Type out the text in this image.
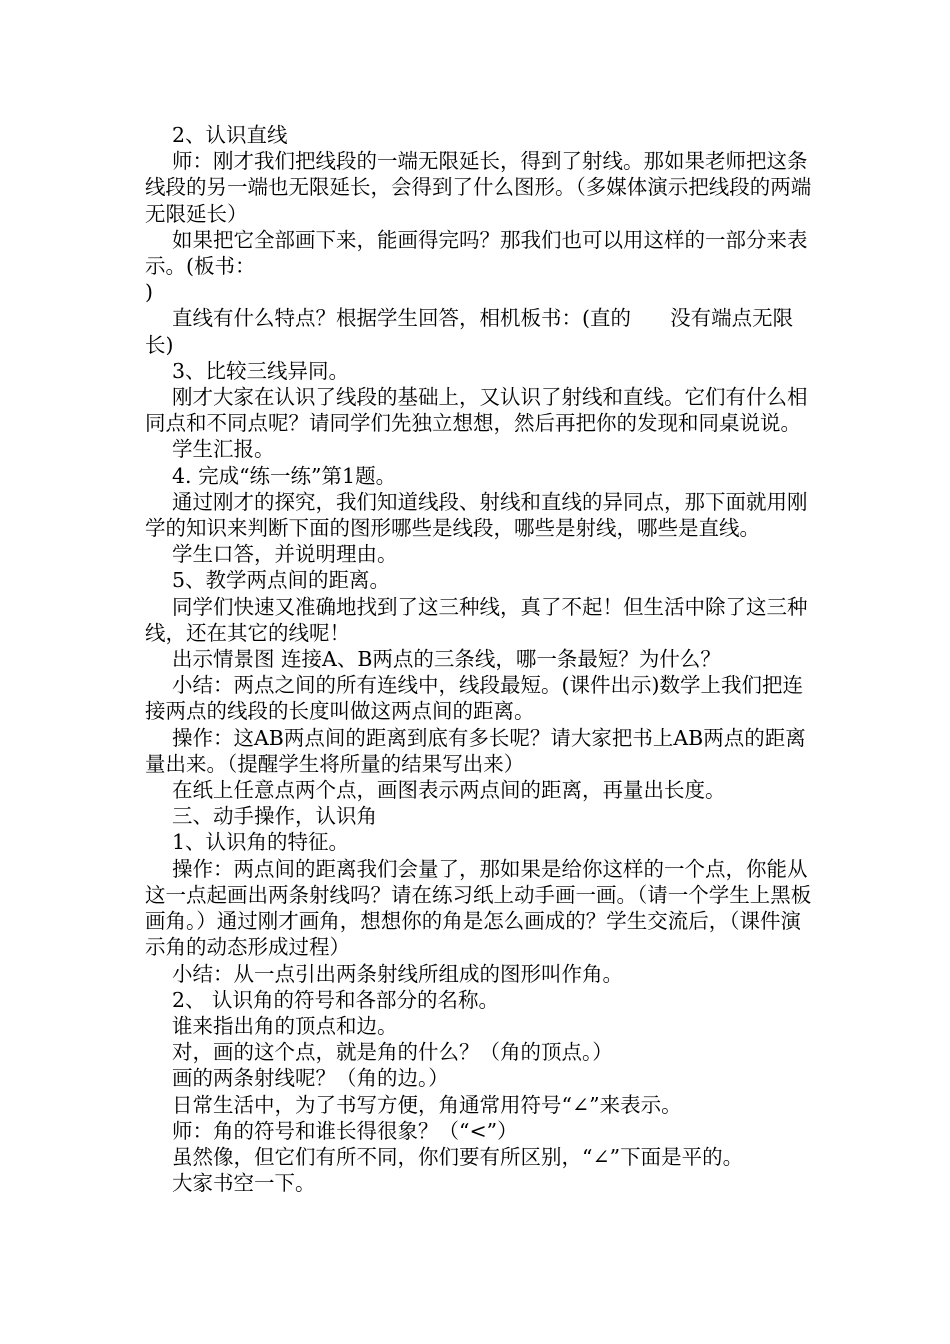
2、认识直线

师：刚才我们把线段的一端无限延长，得到了射线。那如果老师把这条线段的另一端也无限延长，会得到了什么图形。（多媒体演示把线段的两端无限延长）

如果把它全部画下来，能画得完吗？那我们也可以用这样的一部分来表示。(板书：

)

直线有什么特点？根据学生回答，相机板书：(直的      没有端点无限长)

3、比较三线异同。

刚才大家在认识了线段的基础上，又认识了射线和直线。它们有什么相同点和不同点呢？请同学们先独立想想，然后再把你的发现和同桌说说。

学生汇报。

4. 完成“练一练”第1题。

通过刚才的探究，我们知道线段、射线和直线的异同点，那下面就用刚学的知识来判断下面的图形哪些是线段，哪些是射线，哪些是直线。

学生口答，并说明理由。

5、教学两点间的距离。

同学们快速又准确地找到了这三种线，真了不起！但生活中除了这三种线，还在其它的线呢！

出示情景图 连接A、B两点的三条线，哪一条最短？为什么？

小结：两点之间的所有连线中，线段最短。(课件出示)数学上我们把连接两点的线段的长度叫做这两点间的距离。

操作：这AB两点间的距离到底有多长呢？请大家把书上AB两点的距离量出来。（提醒学生将所量的结果写出来）

在纸上任意点两个点，画图表示两点间的距离，再量出长度。

三、动手操作，认识角

1、认识角的特征。

操作：两点间的距离我们会量了，那如果是给你这样的一个点，你能从这一点起画出两条射线吗？请在练习纸上动手画一画。（请一个学生上黑板画角。）通过刚才画角，想想你的角是怎么画成的？学生交流后，（课件演示角的动态形成过程）

小结：从一点引出两条射线所组成的图形叫作角。

2、 认识角的符号和各部分的名称。

谁来指出角的顶点和边。

对，画的这个点，就是角的什么？（角的顶点。）

画的两条射线呢？（角的边。）

日常生活中，为了书写方便，角通常用符号“∠”来表示。

师：角的符号和谁长得很象？（“<”）

虽然像，但它们有所不同，你们要有所区别，“∠”下面是平的。

大家书空一下。
